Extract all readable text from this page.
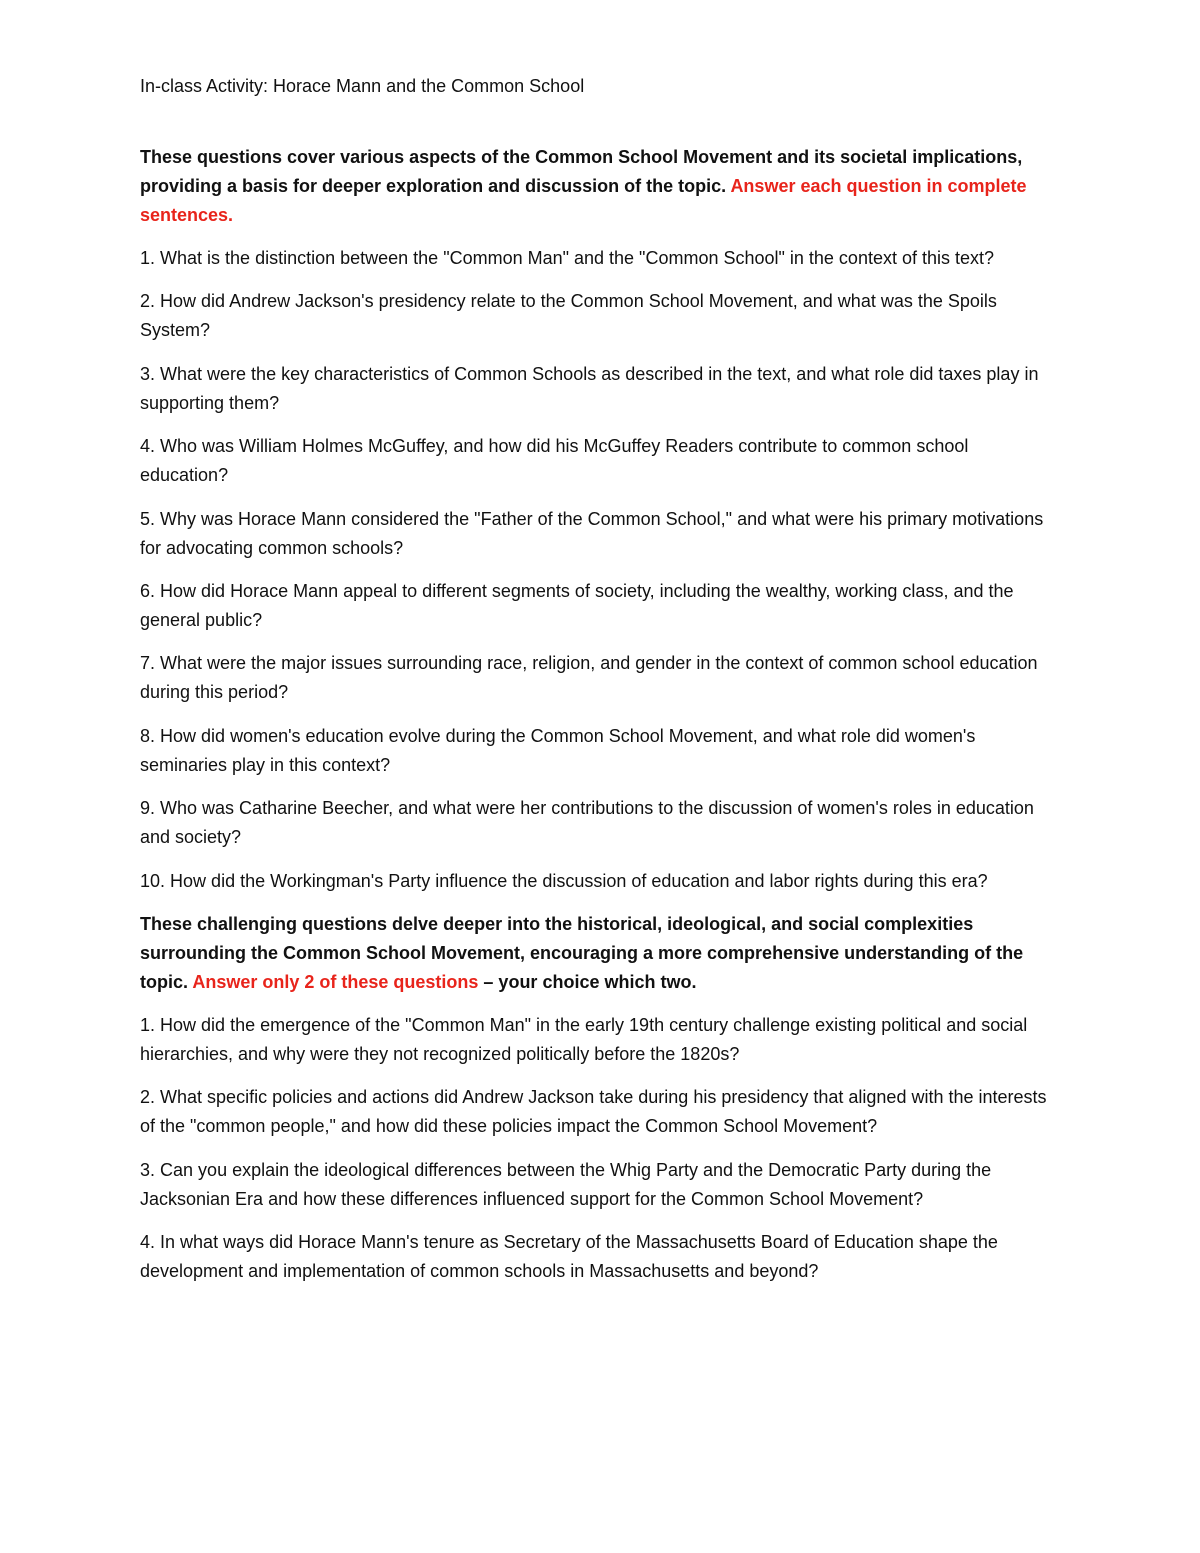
In-class Activity: Horace Mann and the Common School

These questions cover various aspects of the Common School Movement and its societal implications, providing a basis for deeper exploration and discussion of the topic. Answer each question in complete sentences.

1. What is the distinction between the "Common Man" and the "Common School" in the context of this text?

2. How did Andrew Jackson's presidency relate to the Common School Movement, and what was the Spoils System?

3. What were the key characteristics of Common Schools as described in the text, and what role did taxes play in supporting them?

4. Who was William Holmes McGuffey, and how did his McGuffey Readers contribute to common school education?

5. Why was Horace Mann considered the "Father of the Common School," and what were his primary motivations for advocating common schools?

6. How did Horace Mann appeal to different segments of society, including the wealthy, working class, and the general public?

7. What were the major issues surrounding race, religion, and gender in the context of common school education during this period?

8. How did women's education evolve during the Common School Movement, and what role did women's seminaries play in this context?

9. Who was Catharine Beecher, and what were her contributions to the discussion of women's roles in education and society?

10. How did the Workingman's Party influence the discussion of education and labor rights during this era?

These challenging questions delve deeper into the historical, ideological, and social complexities surrounding the Common School Movement, encouraging a more comprehensive understanding of the topic. Answer only 2 of these questions – your choice which two.

1. How did the emergence of the "Common Man" in the early 19th century challenge existing political and social hierarchies, and why were they not recognized politically before the 1820s?

2. What specific policies and actions did Andrew Jackson take during his presidency that aligned with the interests of the "common people," and how did these policies impact the Common School Movement?

3. Can you explain the ideological differences between the Whig Party and the Democratic Party during the Jacksonian Era and how these differences influenced support for the Common School Movement?

4. In what ways did Horace Mann's tenure as Secretary of the Massachusetts Board of Education shape the development and implementation of common schools in Massachusetts and beyond?
